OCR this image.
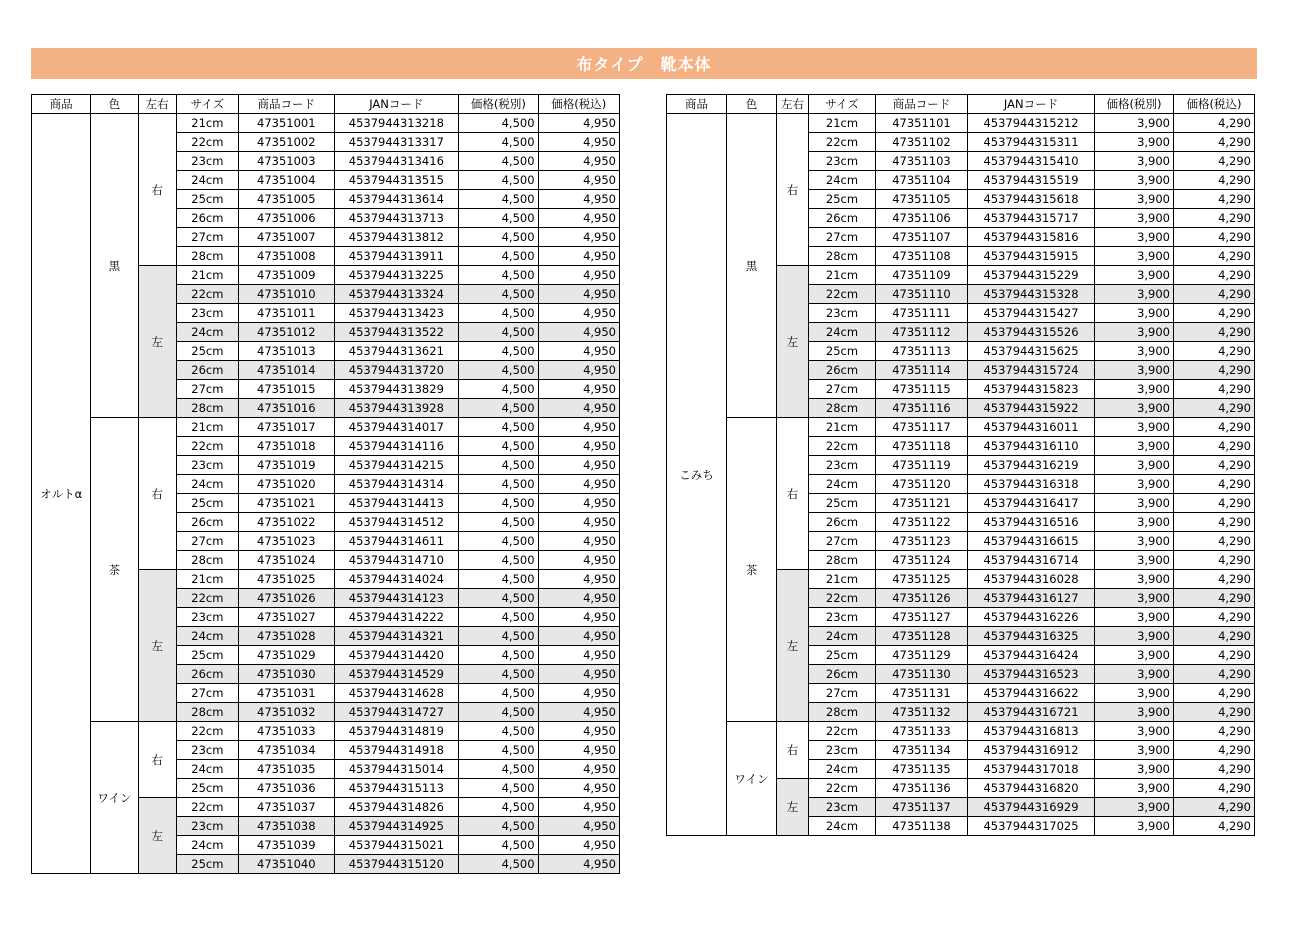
布タイプ　靴本体
商品	色	左右	サイズ	商品コード	JANコード	価格(税別)	価格(税込)
オルトα	黒	右	21cm	47351001	4537944313218	4,500	4,950
			22cm	47351002	4537944313317	4,500	4,950
			23cm	47351003	4537944313416	4,500	4,950
			24cm	47351004	4537944313515	4,500	4,950
			25cm	47351005	4537944313614	4,500	4,950
			26cm	47351006	4537944313713	4,500	4,950
			27cm	47351007	4537944313812	4,500	4,950
			28cm	47351008	4537944313911	4,500	4,950
		左	21cm	47351009	4537944313225	4,500	4,950
			22cm	47351010	4537944313324	4,500	4,950
			23cm	47351011	4537944313423	4,500	4,950
			24cm	47351012	4537944313522	4,500	4,950
			25cm	47351013	4537944313621	4,500	4,950
			26cm	47351014	4537944313720	4,500	4,950
			27cm	47351015	4537944313829	4,500	4,950
			28cm	47351016	4537944313928	4,500	4,950
	茶	右	21cm	47351017	4537944314017	4,500	4,950
			22cm	47351018	4537944314116	4,500	4,950
			23cm	47351019	4537944314215	4,500	4,950
			24cm	47351020	4537944314314	4,500	4,950
			25cm	47351021	4537944314413	4,500	4,950
			26cm	47351022	4537944314512	4,500	4,950
			27cm	47351023	4537944314611	4,500	4,950
			28cm	47351024	4537944314710	4,500	4,950
		左	21cm	47351025	4537944314024	4,500	4,950
			22cm	47351026	4537944314123	4,500	4,950
			23cm	47351027	4537944314222	4,500	4,950
			24cm	47351028	4537944314321	4,500	4,950
			25cm	47351029	4537944314420	4,500	4,950
			26cm	47351030	4537944314529	4,500	4,950
			27cm	47351031	4537944314628	4,500	4,950
			28cm	47351032	4537944314727	4,500	4,950
	ワイン	右	22cm	47351033	4537944314819	4,500	4,950
			23cm	47351034	4537944314918	4,500	4,950
			24cm	47351035	4537944315014	4,500	4,950
			25cm	47351036	4537944315113	4,500	4,950
		左	22cm	47351037	4537944314826	4,500	4,950
			23cm	47351038	4537944314925	4,500	4,950
			24cm	47351039	4537944315021	4,500	4,950
			25cm	47351040	4537944315120	4,500	4,950
商品	色	左右	サイズ	商品コード	JANコード	価格(税別)	価格(税込)
こみち	黒	右	21cm	47351101	4537944315212	3,900	4,290
			22cm	47351102	4537944315311	3,900	4,290
			23cm	47351103	4537944315410	3,900	4,290
			24cm	47351104	4537944315519	3,900	4,290
			25cm	47351105	4537944315618	3,900	4,290
			26cm	47351106	4537944315717	3,900	4,290
			27cm	47351107	4537944315816	3,900	4,290
			28cm	47351108	4537944315915	3,900	4,290
		左	21cm	47351109	4537944315229	3,900	4,290
			22cm	47351110	4537944315328	3,900	4,290
			23cm	47351111	4537944315427	3,900	4,290
			24cm	47351112	4537944315526	3,900	4,290
			25cm	47351113	4537944315625	3,900	4,290
			26cm	47351114	4537944315724	3,900	4,290
			27cm	47351115	4537944315823	3,900	4,290
			28cm	47351116	4537944315922	3,900	4,290
	茶	右	21cm	47351117	4537944316011	3,900	4,290
			22cm	47351118	4537944316110	3,900	4,290
			23cm	47351119	4537944316219	3,900	4,290
			24cm	47351120	4537944316318	3,900	4,290
			25cm	47351121	4537944316417	3,900	4,290
			26cm	47351122	4537944316516	3,900	4,290
			27cm	47351123	4537944316615	3,900	4,290
			28cm	47351124	4537944316714	3,900	4,290
		左	21cm	47351125	4537944316028	3,900	4,290
			22cm	47351126	4537944316127	3,900	4,290
			23cm	47351127	4537944316226	3,900	4,290
			24cm	47351128	4537944316325	3,900	4,290
			25cm	47351129	4537944316424	3,900	4,290
			26cm	47351130	4537944316523	3,900	4,290
			27cm	47351131	4537944316622	3,900	4,290
			28cm	47351132	4537944316721	3,900	4,290
	ワイン	右	22cm	47351133	4537944316813	3,900	4,290
			23cm	47351134	4537944316912	3,900	4,290
			24cm	47351135	4537944317018	3,900	4,290
		左	22cm	47351136	4537944316820	3,900	4,290
			23cm	47351137	4537944316929	3,900	4,290
			24cm	47351138	4537944317025	3,900	4,290
